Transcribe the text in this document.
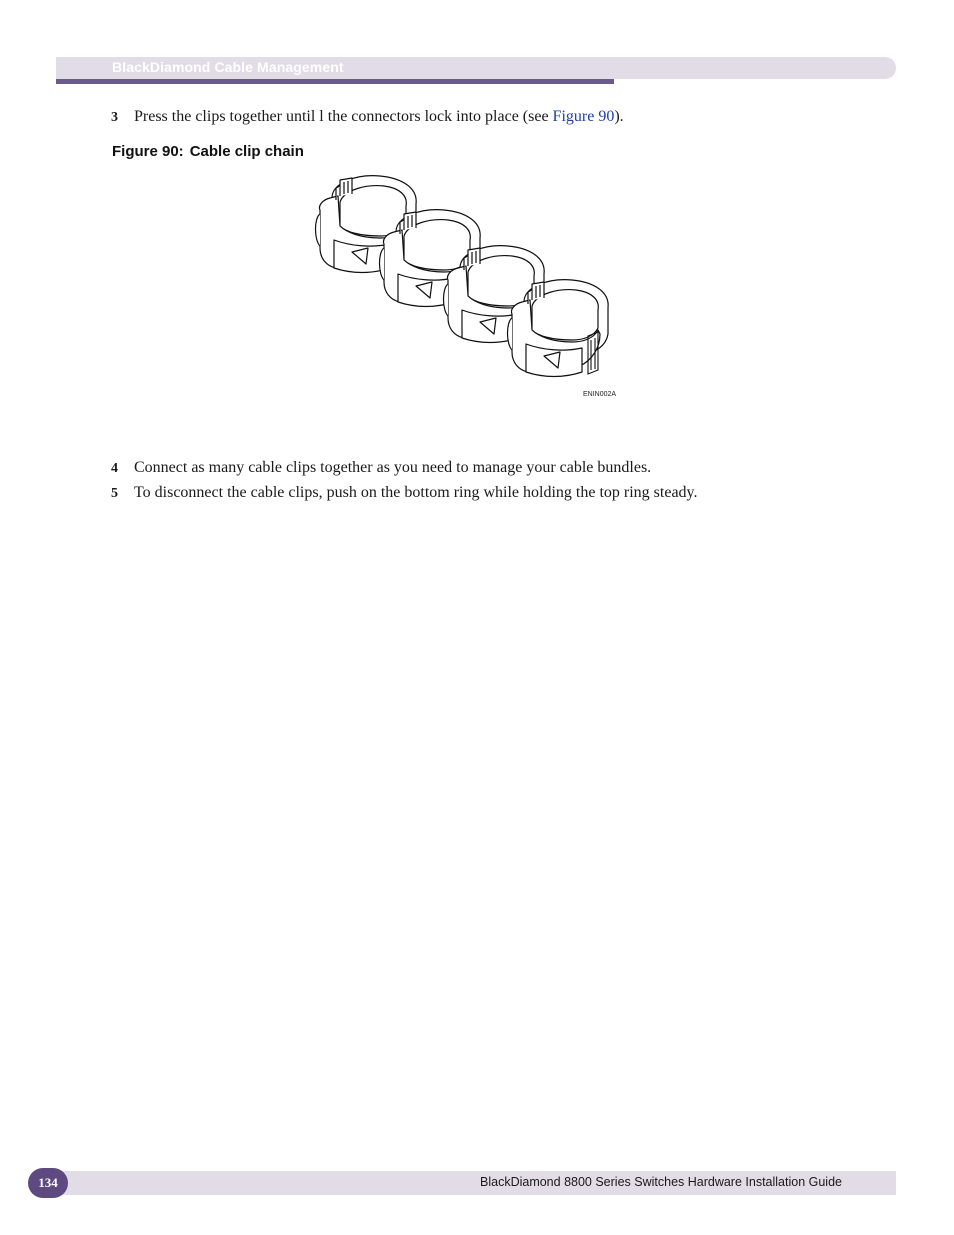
BlackDiamond Cable Management
3 Press the clips together until l the connectors lock into place (see Figure 90).
Figure 90: Cable clip chain
ENIN002A
4 Connect as many cable clips together as you need to manage your cable bundles.
5 To disconnect the cable clips, push on the bottom ring while holding the top ring steady.
134	BlackDiamond 8800 Series Switches Hardware Installation Guide
